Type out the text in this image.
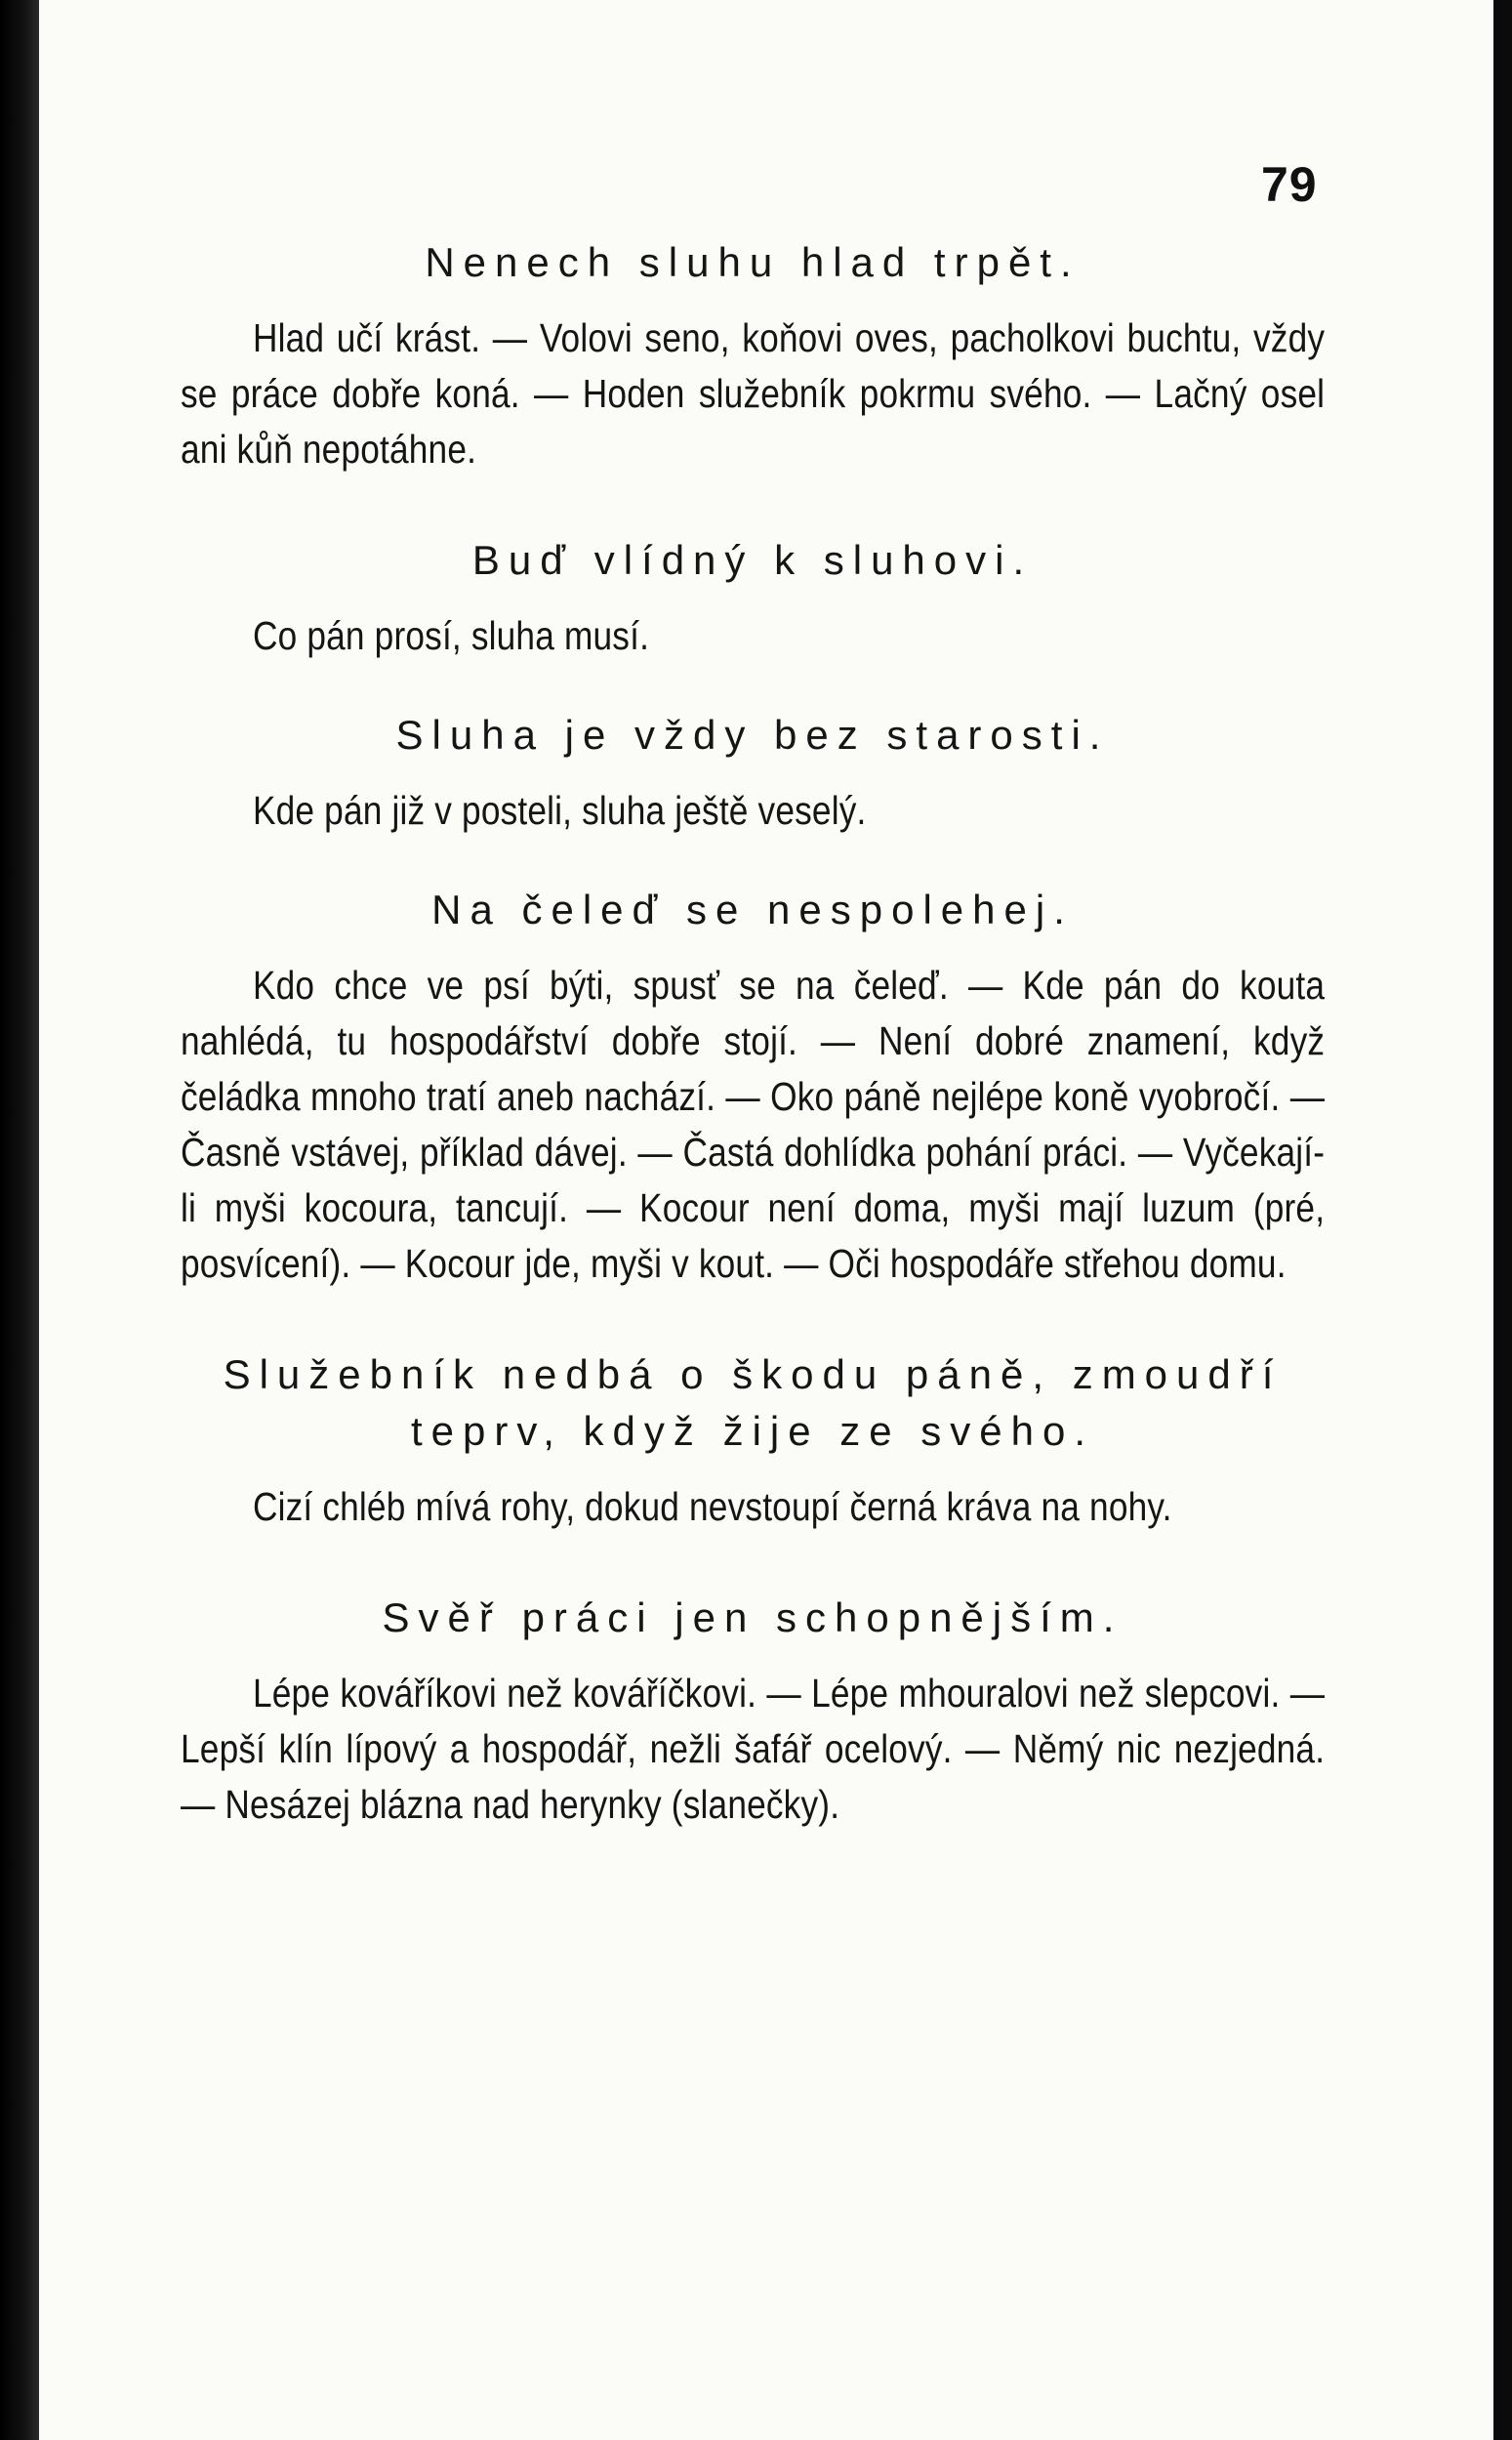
79

Nenech sluhu hlad trpět.

Hlad učí krást. — Volovi seno, koňovi oves, pacholkovi buchtu, vždy se práce dobře koná. — Hoden služebník pokrmu svého. — Lačný osel ani kůň nepotáhne.

Buď vlídný k sluhovi.

Co pán prosí, sluha musí.

Sluha je vždy bez starosti.

Kde pán již v posteli, sluha ještě veselý.

Na čeleď se nespolehej.

Kdo chce ve psí býti, spusť se na čeleď. — Kde pán do kouta nahlédá, tu hospodářství dobře stojí. — Není dobré znamení, když čeládka mnoho tratí aneb nachází. — Oko páně nejlépe koně vyobročí. — Časně vstávej, příklad dávej. — Častá dohlídka pohání práci. — Vyčekají-li myši kocoura, tancují. — Kocour není doma, myši mají luzum (pré, posvícení). — Kocour jde, myši v kout. — Oči hospodáře střehou domu.

Služebník nedbá o škodu páně, zmoudří teprv, když žije ze svého.

Cizí chléb mívá rohy, dokud nevstoupí černá kráva na nohy.

Svěř práci jen schopnějším.

Lépe kováříkovi než kováříčkovi. — Lépe mhouralovi než slepcovi. — Lepší klín lípový a hospodář, nežli šafář ocelový. — Němý nic nezjedná. — Nesázej blázna nad herynky (slanečky).
